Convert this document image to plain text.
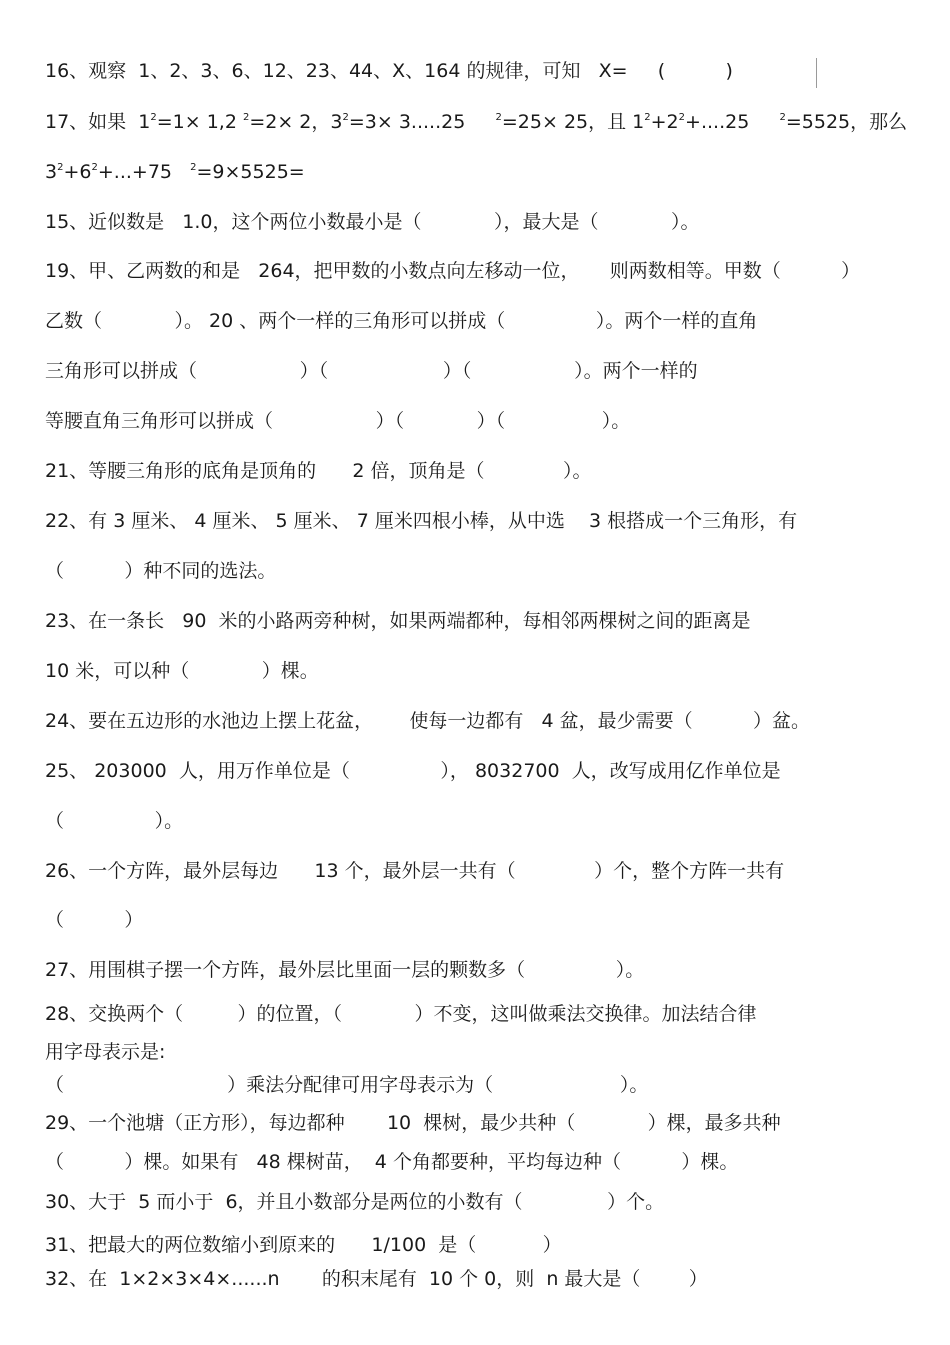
16、观察  1、2、3、6、12、23、44、X、164 的规律，可知   X=     (          )
17、如果  $1^2=1\times 1,2$ $^2$=2× 2，$3^2=3\times 3.....25$     $^2$=25× 25，且 $1^2+2^2+....25$     $^2$=5525，那么
$3^2+6^2+...+75$   $^2$=9×5525=
15、近似数是   1.0，这个两位小数最小是（            ），最大是（            ）。
19、甲、乙两数的和是   264，把甲数的小数点向左移动一位，     则两数相等。甲数（          ）
乙数（            ）。 20 、两个一样的三角形可以拼成（               ）。两个一样的直角
三角形可以拼成（                 ）（                   ）（                 ）。两个一样的
等腰直角三角形可以拼成（                 ）（            ）（                ）。
21、等腰三角形的底角是顶角的      2 倍，顶角是（             ）。
22、有 3 厘米、 4 厘米、 5 厘米、 7 厘米四根小棒，从中选    3 根搭成一个三角形，有
（          ）种不同的选法。
23、在一条长   90  米的小路两旁种树，如果两端都种，每相邻两棵树之间的距离是
10 米，可以种（            ）棵。
24、要在五边形的水池边上摆上花盆，      使每一边都有   4 盆，最少需要（          ）盆。
25、 203000  人，用万作单位是（               ）， 8032700  人，改写成用亿作单位是
（               ）。
26、一个方阵，最外层每边      13 个，最外层一共有（             ）个，整个方阵一共有
（          ）
27、用围棋子摆一个方阵，最外层比里面一层的颗数多（               ）。
28、交换两个（         ）的位置，（            ）不变，这叫做乘法交换律。加法结合律
用字母表示是:
（                           ）乘法分配律可用字母表示为（                     ）。
29、一个池塘（正方形），每边都种       10  棵树，最少共种（            ）棵，最多共种
（          ）棵。如果有   48 棵树苗，  4 个角都要种，平均每边种（          ）棵。
30、大于  5 而小于  6，并且小数部分是两位的小数有（              ）个。
31、把最大的两位数缩小到原来的      1/100  是（           ）
32、在  1×2×3×4×......n       的积末尾有  10 个 0，则  n 最大是（        ）
